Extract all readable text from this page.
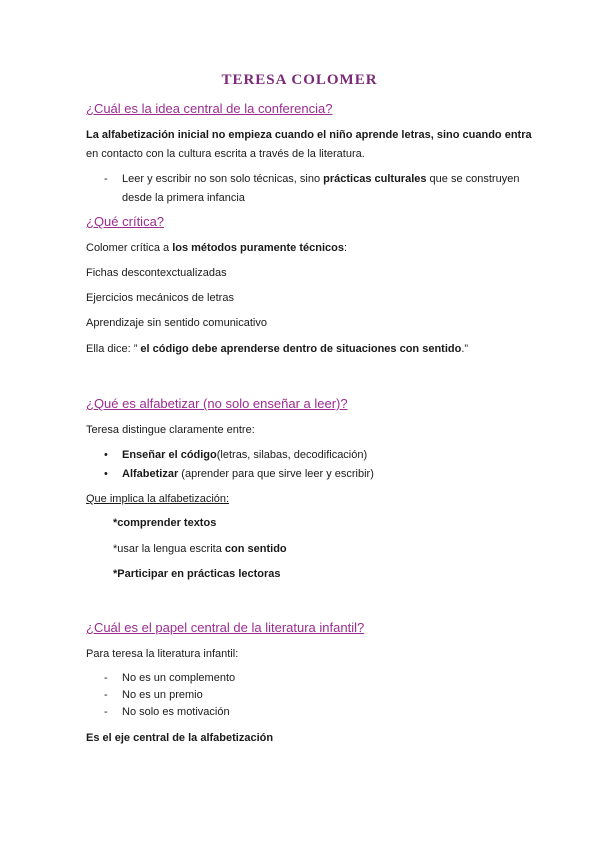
TERESA COLOMER
¿Cuál es la idea central de la conferencia?
La alfabetización inicial no empieza cuando el niño aprende letras, sino cuando entra
en contacto con la cultura escrita a través de la literatura.
- Leer y escribir no son solo técnicas, sino prácticas culturales que se construyen
desde la primera infancia
¿Qué crítica?
Colomer crítica a los métodos puramente técnicos:
Fichas descontexctualizadas
Ejercicios mecánicos de letras
Aprendizaje sin sentido comunicativo
Ella dice: ” el código debe aprenderse dentro de situaciones con sentido.”
¿Qué es alfabetizar (no solo enseñar a leer)?
Teresa distingue claramente entre:
• Enseñar el código(letras, silabas, decodificación)
• Alfabetizar (aprender para que sirve leer y escribir)
Que implica la alfabetización:
*comprender textos
*usar la lengua escrita con sentido
*Participar en prácticas lectoras
¿Cuál es el papel central de la literatura infantil?
Para teresa la literatura infantil:
- No es un complemento
- No es un premio
- No solo es motivación
Es el eje central de la alfabetización
